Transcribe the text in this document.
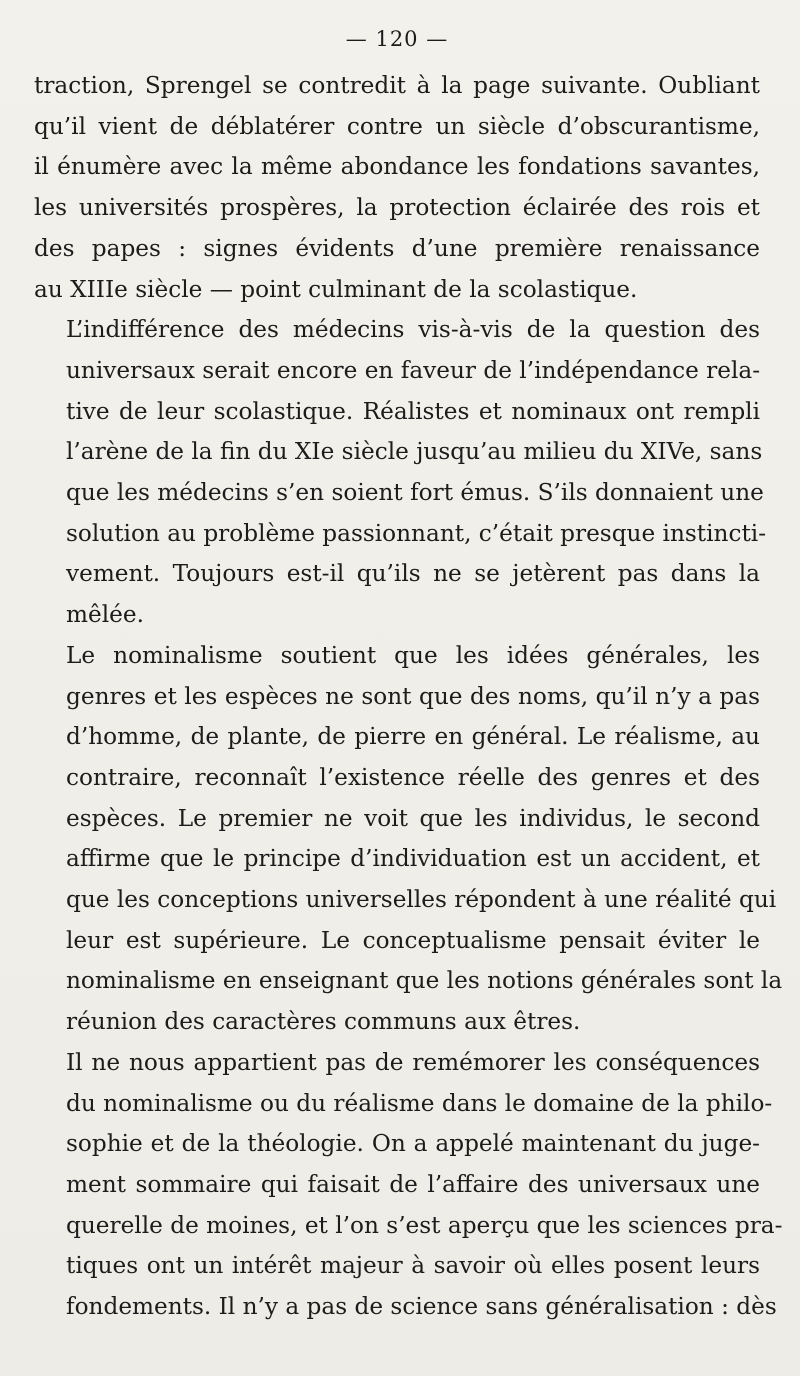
— 120 —

traction, Sprengel se contredit à la page suivante. Oubliant
qu’il vient de déblatérer contre un siècle d’obscurantisme,
il énumère avec la même abondance les fondations savantes,
les universités prospères, la protection éclairée des rois et
des papes : signes évidents d’une première renaissance
au XIIIe siècle — point culminant de la scolastique.

L’indifférence des médecins vis-à-vis de la question des
universaux serait encore en faveur de l’indépendance rela-
tive de leur scolastique. Réalistes et nominaux ont rempli
l’arène de la fin du XIe siècle jusqu’au milieu du XIVe, sans
que les médecins s’en soient fort émus. S’ils donnaient une
solution au problème passionnant, c’était presque instincti-
vement. Toujours est-il qu’ils ne se jetèrent pas dans la
mêlée.

Le nominalisme soutient que les idées générales, les
genres et les espèces ne sont que des noms, qu’il n’y a pas
d’homme, de plante, de pierre en général. Le réalisme, au
contraire, reconnaît l’existence réelle des genres et des
espèces. Le premier ne voit que les individus, le second
affirme que le principe d’individuation est un accident, et
que les conceptions universelles répondent à une réalité qui
leur est supérieure. Le conceptualisme pensait éviter le
nominalisme en enseignant que les notions générales sont la
réunion des caractères communs aux êtres.

Il ne nous appartient pas de remémorer les conséquences
du nominalisme ou du réalisme dans le domaine de la philo-
sophie et de la théologie. On a appelé maintenant du juge-
ment sommaire qui faisait de l’affaire des universaux une
querelle de moines, et l’on s’est aperçu que les sciences pra-
tiques ont un intérêt majeur à savoir où elles posent leurs
fondements. Il n’y a pas de science sans généralisation : dès
